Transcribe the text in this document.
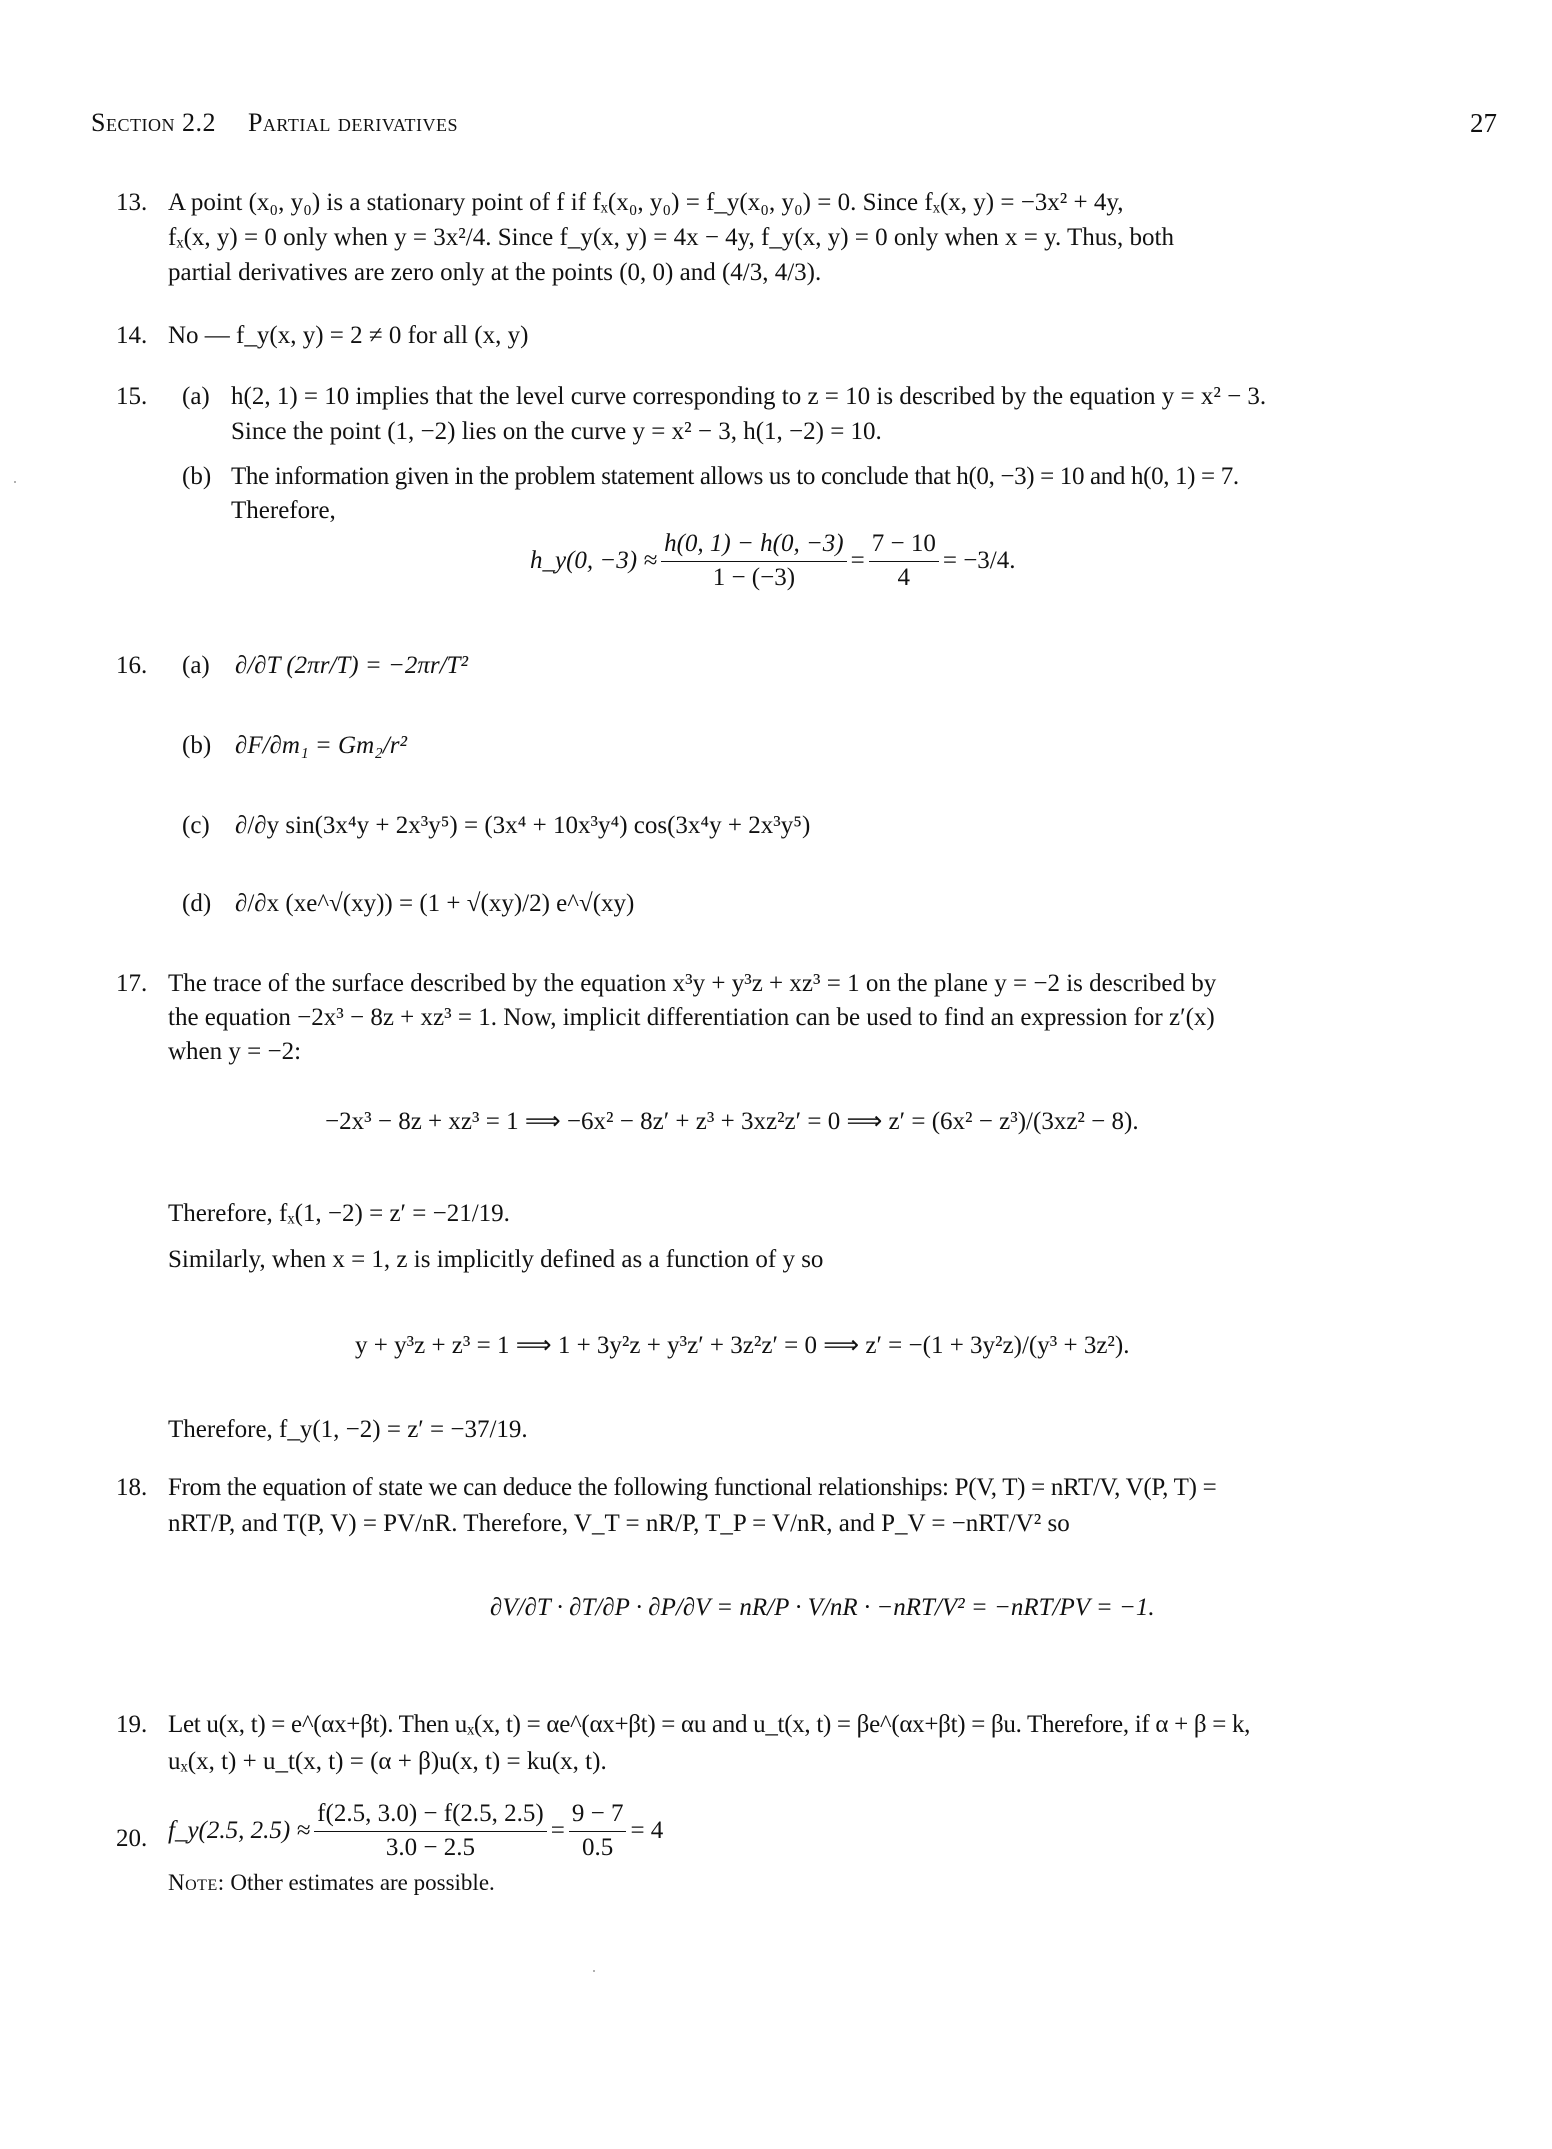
Section 2.2 Partial derivatives	27
13. A point (x₀, y₀) is a stationary point of f if fₓ(x₀, y₀) = f_y(x₀, y₀) = 0. Since fₓ(x, y) = −3x² + 4y,
fₓ(x, y) = 0 only when y = 3x²/4. Since f_y(x, y) = 4x − 4y, f_y(x, y) = 0 only when x = y. Thus, both
partial derivatives are zero only at the points (0, 0) and (4/3, 4/3).
14. No — f_y(x, y) = 2 ≠ 0 for all (x, y)
15. (a) h(2, 1) = 10 implies that the level curve corresponding to z = 10 is described by the equation y = x² − 3.
Since the point (1, −2) lies on the curve y = x² − 3, h(1, −2) = 10.
(b) The information given in the problem statement allows us to conclude that h(0, −3) = 10 and h(0, 1) = 7.
Therefore,
h_y(0, $-3) \approx \frac{h(0, 1) - h(0, -3)}{1 - (-3)} = \frac{7 - 10}{4} = -3/4$.
16. (a) ∂/∂T (2πr/T) = −2πr/T²
(b) ∂F/∂m₁ = Gm₂/r²
(c) ∂/∂y sin(3x⁴y + 2x³y⁵) = (3x⁴ + 10x³y⁴) cos(3x⁴y + 2x³y⁵)
(d) ∂/∂x (xe^√(xy)) = (1 + √(xy)/2) e^√(xy)
17. The trace of the surface described by the equation x³y + y³z + xz³ = 1 on the plane y = −2 is described by
the equation −2x³ − 8z + xz³ = 1. Now, implicit differentiation can be used to find an expression for z′(x)
when y = −2:
−2x³ − 8z + xz³ = 1 ⟹ −6x² − 8z′ + z³ + 3xz²z′ = 0 ⟹ z′ = (6x² − z³)/(3xz² − 8).
Therefore, fₓ(1, −2) = z′ = −21/19.
Similarly, when x = 1, z is implicitly defined as a function of y so
y + y³z + z³ = 1 ⟹ 1 + 3y²z + y³z′ + 3z²z′ = 0 ⟹ z′ = −(1 + 3y²z)/(y³ + 3z²).
Therefore, f_y(1, −2) = z′ = −37/19.
18. From the equation of state we can deduce the following functional relationships: P(V, T) = nRT/V, V(P, T) =
nRT/P, and T(P, V) = PV/nR. Therefore, V_T = nR/P, T_P = V/nR, and P_V = −nRT/V² so
∂V/∂T · ∂T/∂P · ∂P/∂V = nR/P · V/nR · −nRT/V² = −nRT/PV = −1.
19. Let u(x, t) = e^(αx+βt). Then uₓ(x, t) = αe^(αx+βt) = αu and u_t(x, t) = βe^(αx+βt) = βu. Therefore, if α + β = k,
uₓ(x, t) + u_t(x, t) = (α + β)u(x, t) = ku(x, t).
20. f_y(2.5, $2.5) \approx \frac{f(2.5, 3.0) - f(2.5, 2.5)}{3.0 - 2.5} = \frac{9 - 7}{0.5} = 4$
Note: Other estimates are possible.
